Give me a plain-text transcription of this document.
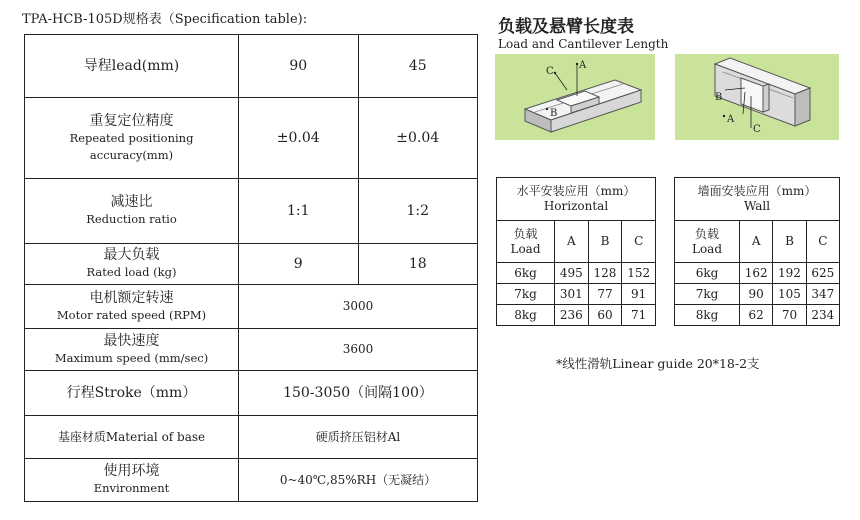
TPA-HCB-105D规格表（Specification table):
导程lead(mm)	90	45
重复定位精度
Repeated positioning accuracy(mm)	±0.04	±0.04
减速比
Reduction ratio	1:1	1:2
最大负载
Rated load (kg)	9	18
电机额定转速
Motor rated speed (RPM)	3000	
最快速度
Maximum speed (mm/sec)	3600	
行程Stroke（mm）	150-3050（间隔100）	
基座材质Material of base	硬质挤压铝材Al	
使用环境
Environment	0~40℃,85%RH（无凝结）	
负载及悬臂长度表
Load and Cantilever Length
A
C
B
B
A
C
水平安装应用（mm）
Horizontal			
负载
Load	A	B	C
6kg	495	128	152
7kg	301	77	91
8kg	236	60	71
墙面安装应用（mm）
Wall			
负载
Load	A	B	C
6kg	162	192	625
7kg	90	105	347
8kg	62	70	234
*线性滑轨Linear guide 20*18-2支
